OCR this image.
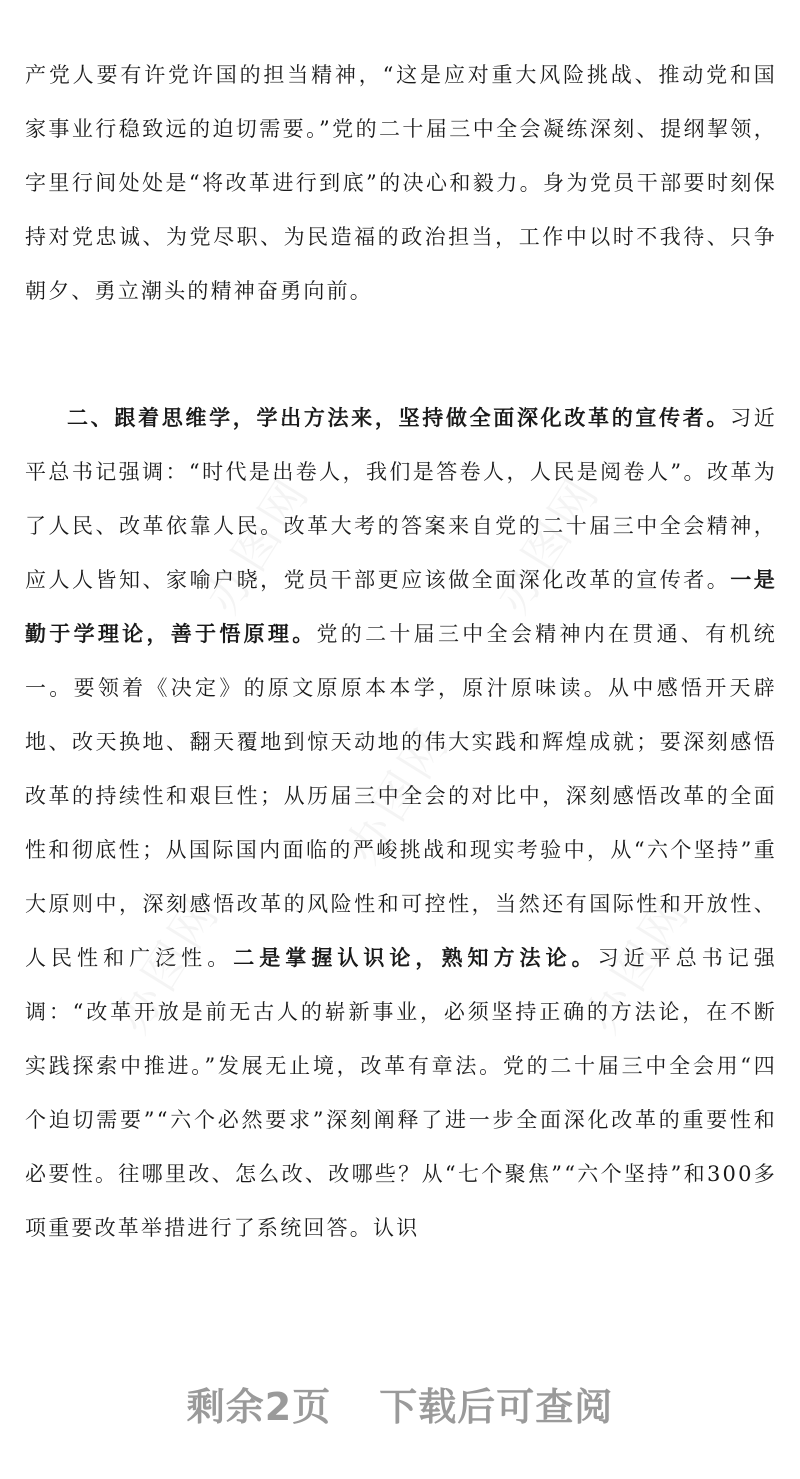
产党人要有许党许国的担当精神，“这是应对重大风险挑战、推动党和国家事业行稳致远的迫切需要。”党的二十届三中全会凝练深刻、提纲挈领，字里行间处处是“将改革进行到底”的决心和毅力。身为党员干部要时刻保持对党忠诚、为党尽职、为民造福的政治担当，工作中以时不我待、只争朝夕、勇立潮头的精神奋勇向前。

二、跟着思维学，学出方法来，坚持做全面深化改革的宣传者。习近平总书记强调：“时代是出卷人，我们是答卷人，人民是阅卷人”。改革为了人民、改革依靠人民。改革大考的答案来自党的二十届三中全会精神，应人人皆知、家喻户晓，党员干部更应该做全面深化改革的宣传者。一是勤于学理论，善于悟原理。党的二十届三中全会精神内在贯通、有机统一。要领着《决定》的原文原原本本学，原汁原味读。从中感悟开天辟地、改天换地、翻天覆地到惊天动地的伟大实践和辉煌成就；要深刻感悟改革的持续性和艰巨性；从历届三中全会的对比中，深刻感悟改革的全面性和彻底性；从国际国内面临的严峻挑战和现实考验中，从“六个坚持”重大原则中，深刻感悟改革的风险性和可控性，当然还有国际性和开放性、人民性和广泛性。二是掌握认识论，熟知方法论。习近平总书记强调：“改革开放是前无古人的崭新事业，必须坚持正确的方法论，在不断实践探索中推进。”发展无止境，改革有章法。党的二十届三中全会用“四个迫切需要”“六个必然要求”深刻阐释了进一步全面深化改革的重要性和必要性。往哪里改、怎么改、改哪些？从“七个聚焦”“六个坚持”和300多项重要改革举措进行了系统回答。认识

剩余2页 下载后可查阅
